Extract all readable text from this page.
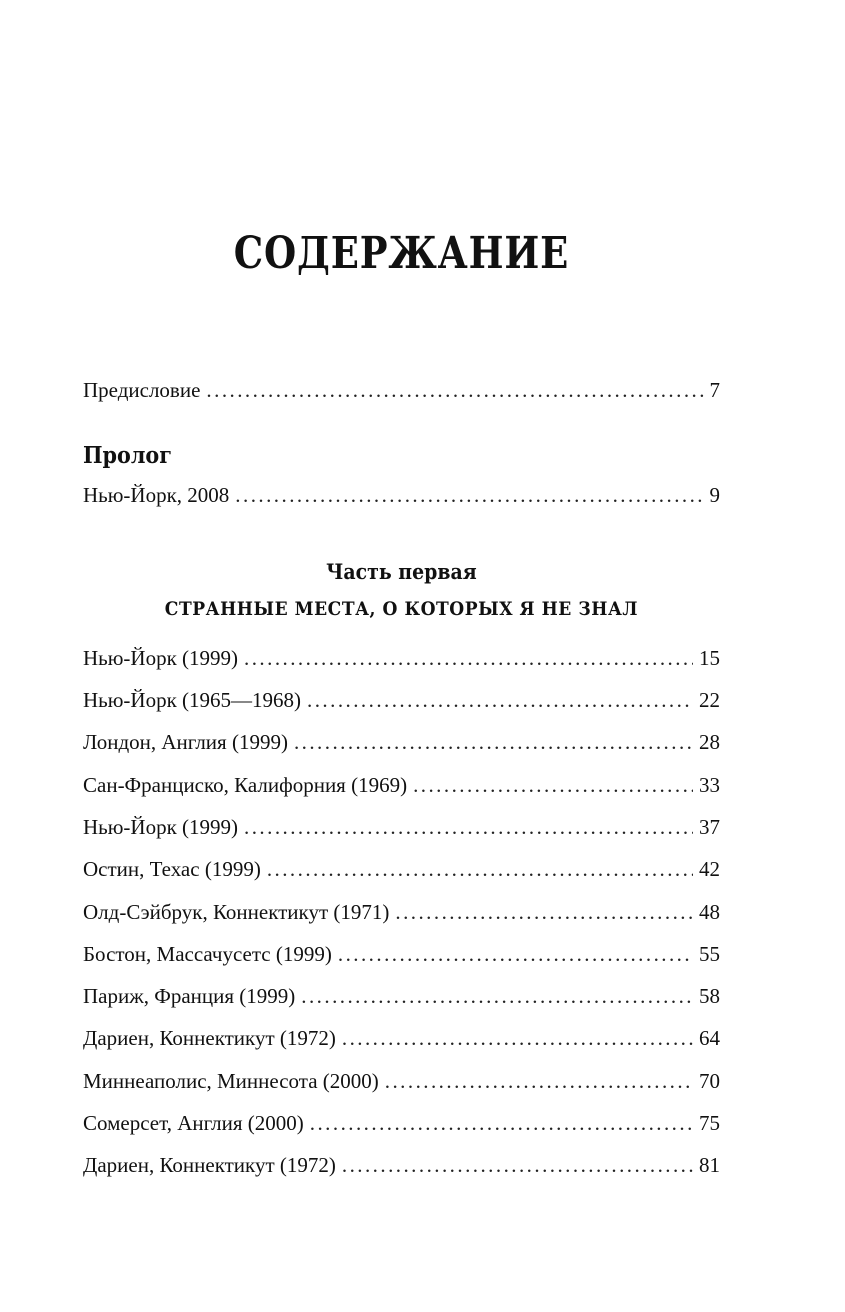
СОДЕРЖАНИЕ
Предисловие . . .	7
Пролог
Нью-Йорк, 2008 . . .	9
Часть первая
СТРАННЫЕ МЕСТА, О КОТОРЫХ Я НЕ ЗНАЛ
Нью-Йорк (1999) . . .	15
Нью-Йорк (1965—1968) . . .	22
Лондон, Англия (1999) . . .	28
Сан-Франциско, Калифорния (1969) . . .	33
Нью-Йорк (1999) . . .	37
Остин, Техас (1999) . . .	42
Олд-Сэйбрук, Коннектикут (1971) . . .	48
Бостон, Массачусетс (1999) . . .	55
Париж, Франция (1999) . . .	58
Дариен, Коннектикут (1972) . . .	64
Миннеаполис, Миннесота (2000) . . .	70
Сомерсет, Англия (2000) . . .	75
Дариен, Коннектикут (1972) . . .	81
